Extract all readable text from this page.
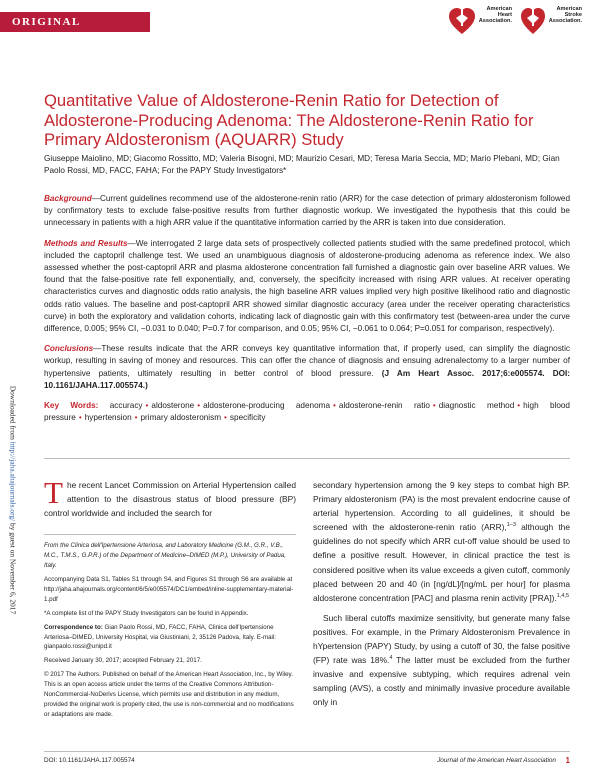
ORIGINAL RESEARCH
American Heart Association.
American Stroke Association.
Downloaded from http://jaha.ahajournals.org/ by guest on November 6, 2017
Quantitative Value of Aldosterone-Renin Ratio for Detection of Aldosterone-Producing Adenoma: The Aldosterone-Renin Ratio for Primary Aldosteronism (AQUARR) Study
Giuseppe Maiolino, MD; Giacomo Rossitto, MD; Valeria Bisogni, MD; Maurizio Cesari, MD; Teresa Maria Seccia, MD; Mario Plebani, MD; Gian Paolo Rossi, MD, FACC, FAHA; For the PAPY Study Investigators*

Background—Current guidelines recommend use of the aldosterone-renin ratio (ARR) for the case detection of primary aldosteronism followed by confirmatory tests to exclude false-positive results from further diagnostic workup. We investigated the hypothesis that this could be unnecessary in patients with a high ARR value if the quantitative information carried by the ARR is taken into due consideration.

Methods and Results—We interrogated 2 large data sets of prospectively collected patients studied with the same predefined protocol, which included the captopril challenge test. We used an unambiguous diagnosis of aldosterone-producing adenoma as reference index. We also assessed whether the post-captopril ARR and plasma aldosterone concentration fall furnished a diagnostic gain over baseline ARR values. We found that the false-positive rate fell exponentially, and, conversely, the specificity increased with rising ARR values. At receiver operating characteristics curves and diagnostic odds ratio analysis, the high baseline ARR values implied very high positive likelihood ratio and diagnostic odds ratio values. The baseline and post-captopril ARR showed similar diagnostic accuracy (area under the receiver operating characteristics curve) in both the exploratory and validation cohorts, indicating lack of diagnostic gain with this confirmatory test (between-area under the curve difference, 0.005; 95% CI, −0.031 to 0.040; P=0.7 for comparison, and 0.05; 95% CI, −0.061 to 0.064; P=0.051 for comparison, respectively).

Conclusions—These results indicate that the ARR conveys key quantitative information that, if properly used, can simplify the diagnostic workup, resulting in saving of money and resources. This can offer the chance of diagnosis and ensuing adrenalectomy to a larger number of hypertensive patients, ultimately resulting in better control of blood pressure. (J Am Heart Assoc. 2017;6:e005574. DOI: 10.1161/JAHA.117.005574.)

Key Words: accuracy • aldosterone • aldosterone-producing adenoma • aldosterone-renin ratio • diagnostic method • high blood pressure • hypertension • primary aldosteronism • specificity

The recent Lancet Commission on Arterial Hypertension called attention to the disastrous status of blood pressure (BP) control worldwide and included the search for

From the Clinica dell'Ipertensione Arteriosa, and Laboratory Medicine (G.M., G.R., V.B., M.C., T.M.S., G.P.R.) of the Department of Medicine–DIMED (M.P.), University of Padua, Italy.

Accompanying Data S1, Tables S1 through S4, and Figures S1 through S6 are available at http://jaha.ahajournals.org/content/6/5/e005574/DC1/embed/inline-supplementary-material-1.pdf

*A complete list of the PAPY Study Investigators can be found in Appendix.

Correspondence to: Gian Paolo Rossi, MD, FACC, FAHA, Clinica dell'Ipertensione Arteriosa–DIMED, University Hospital, via Giustiniani, 2, 35126 Padova, Italy. E-mail: gianpaolo.rossi@unipd.it

Received January 30, 2017; accepted February 21, 2017.

© 2017 The Authors. Published on behalf of the American Heart Association, Inc., by Wiley. This is an open access article under the terms of the Creative Commons Attribution-NonCommercial-NoDerivs License, which permits use and distribution in any medium, provided the original work is properly cited, the use is non-commercial and no modifications or adaptations are made.

secondary hypertension among the 9 key steps to combat high BP. Primary aldosteronism (PA) is the most prevalent endocrine cause of arterial hypertension. According to all guidelines, it should be screened with the aldosterone-renin ratio (ARR),$^{1-3}$ although the guidelines do not specify which ARR cut-off value should be used to define a positive result. However, in clinical practice the test is considered positive when its value exceeds a given cutoff, commonly placed between 20 and 40 (in [ng/dL]/[ng/mL per hour] for plasma aldosterone concentration [PAC] and plasma renin activity [PRA]).$^{1,4,5}$

Such liberal cutoffs maximize sensitivity, but generate many false positives. For example, in the Primary Aldosteronism Prevalence in hYpertension (PAPY) Study, by using a cutoff of 30, the false positive (FP) rate was 18%.$^4$ The latter must be excluded from the further invasive and expensive subtyping, which requires adrenal vein sampling (AVS), a costly and minimally invasive procedure available only in

DOI: 10.1161/JAHA.117.005574	Journal of the American Heart Association 1
